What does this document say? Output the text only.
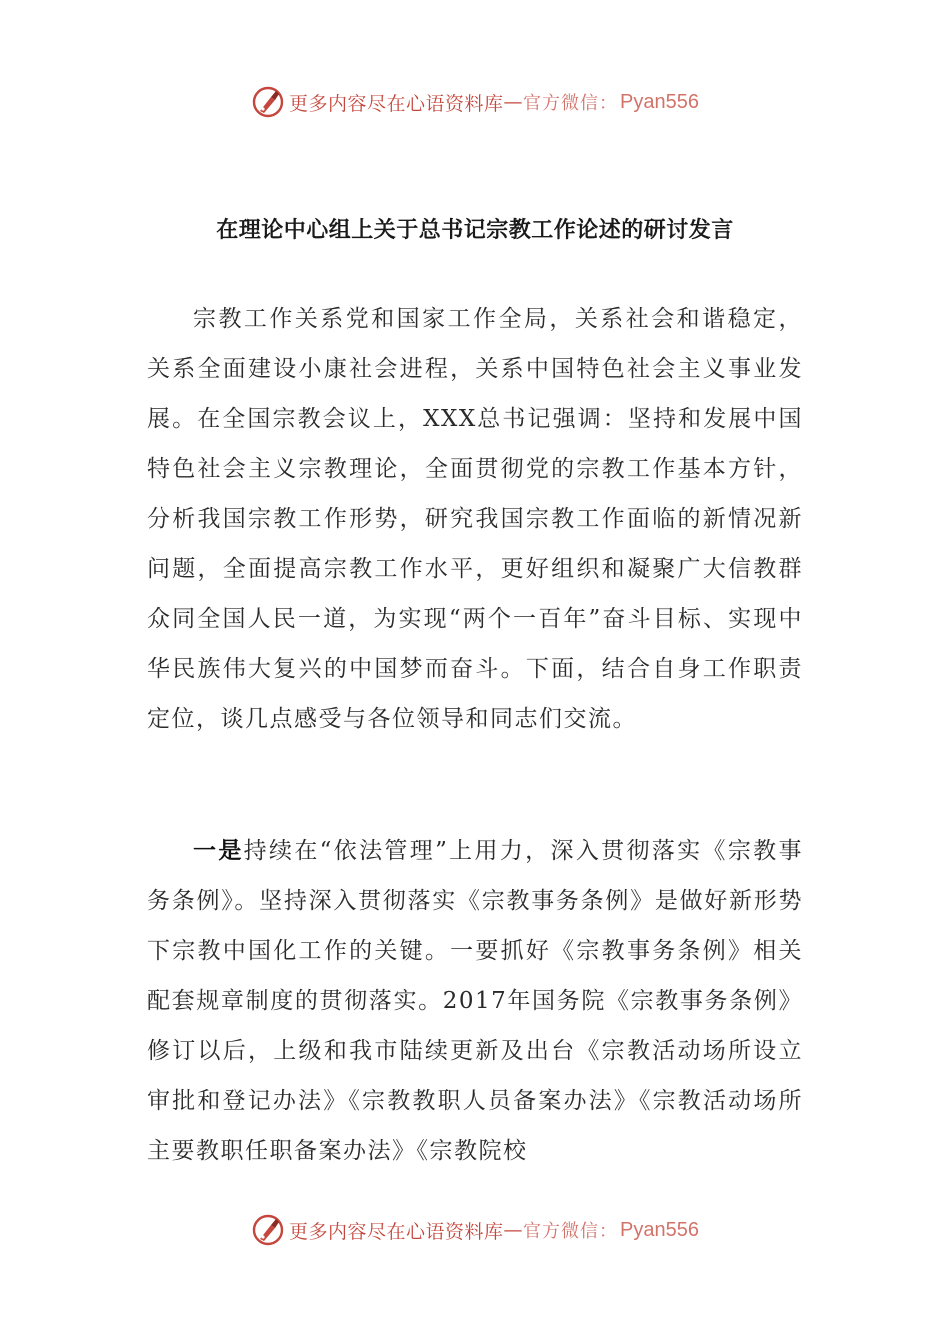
更多内容尽在心语资料库 — 官方微信： Pyan556
在理论中心组上关于总书记宗教工作论述的研讨发言

宗教工作关系党和国家工作全局，关系社会和谐稳定，关系全面建设小康社会进程，关系中国特色社会主义事业发展。在全国宗教会议上，XXX总书记强调：坚持和发展中国特色社会主义宗教理论，全面贯彻党的宗教工作基本方针，分析我国宗教工作形势，研究我国宗教工作面临的新情况新问题，全面提高宗教工作水平，更好组织和凝聚广大信教群众同全国人民一道，为实现“两个一百年”奋斗目标、实现中华民族伟大复兴的中国梦而奋斗。下面，结合自身工作职责定位，谈几点感受与各位领导和同志们交流。

一是持续在“依法管理”上用力，深入贯彻落实《宗教事务条例》。坚持深入贯彻落实《宗教事务条例》是做好新形势下宗教中国化工作的关键。一要抓好《宗教事务条例》相关配套规章制度的贯彻落实。2017年国务院《宗教事务条例》修订以后，上级和我市陆续更新及出台《宗教活动场所设立审批和登记办法》《宗教教职人员备案办法》《宗教活动场所主要教职任职备案办法》《宗教院校

更多内容尽在心语资料库 — 官方微信： Pyan556
